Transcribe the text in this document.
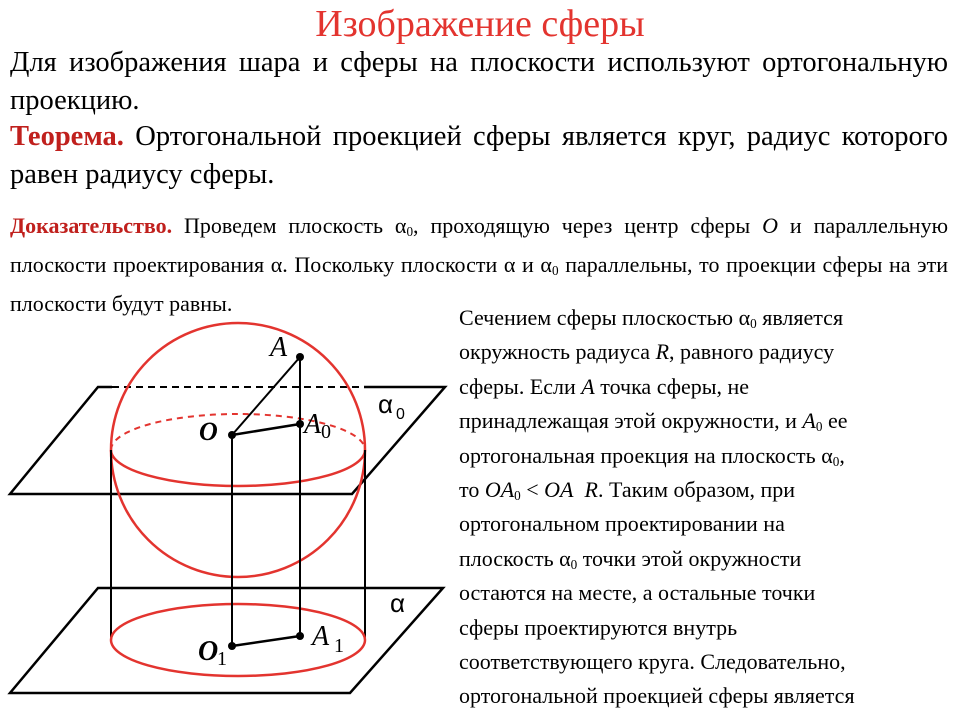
Изображение сферы
Для изображения шара и сферы на плоскости используют ортогональную проекцию.
Теорема. Ортогональной проекцией сферы является круг, радиус которого равен радиусу сферы.
Доказательство. Проведем плоскость $\alpha_0$, проходящую через центр сферы O и параллельную плоскости проектирования α. Поскольку плоскости α и $\alpha_0$ параллельны, то проекции сферы на эти плоскости будут равны.
Сечением сферы плоскостью $\alpha_0$ является
окружность радиуса R, равного радиусу
сферы. Если A точка сферы, не
принадлежащая этой окружности, и $A_0$ ее
ортогональная проекция на плоскость $\alpha_0$,
то $OA_0$ < OA R. Таким образом, при
ортогональном проектировании на
плоскость $\alpha_0$ точки этой окружности
остаются на месте, а остальные точки
сферы проектируются внутрь
соответствующего круга. Следовательно,
ортогональной проекцией сферы является
A
O	A 0
α 0
α
O
1
A 1
